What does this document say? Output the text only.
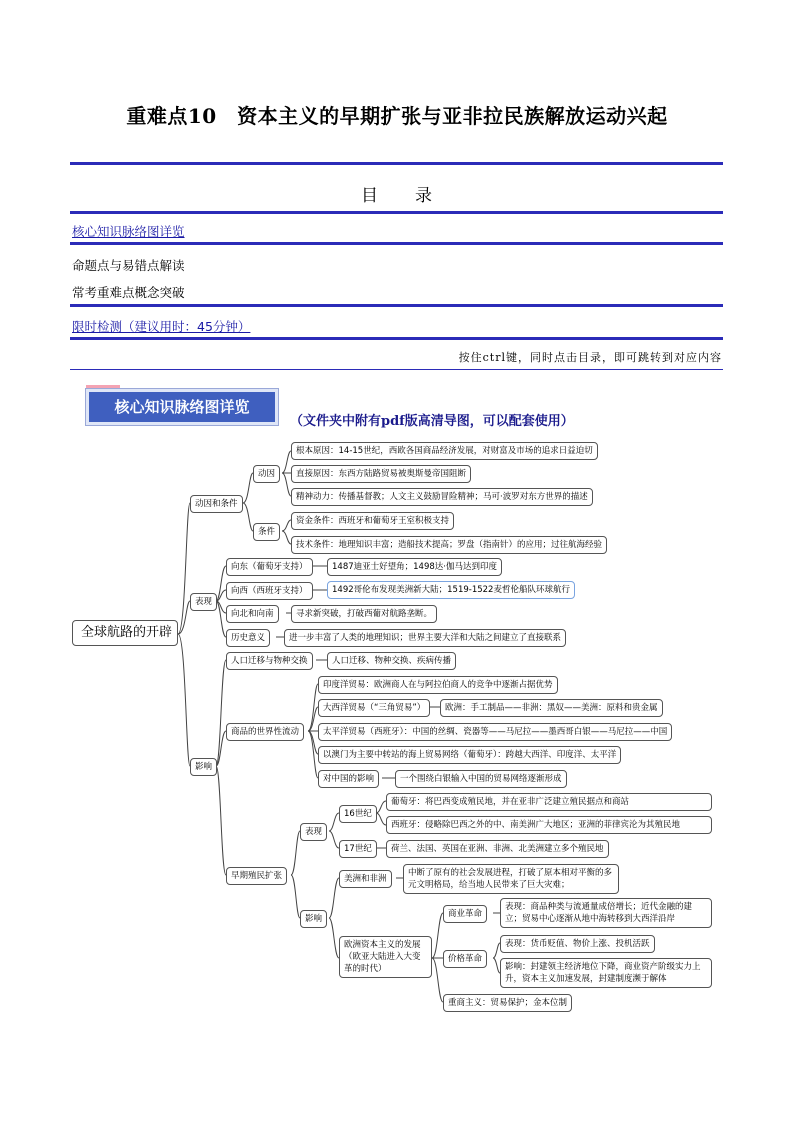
重难点10　资本主义的早期扩张与亚非拉民族解放运动兴起
目　　录
核心知识脉络图详览
命题点与易错点解读
常考重难点概念突破
限时检测（建议用时：45分钟）
按住ctrl键，同时点击目录，即可跳转到对应内容
核心知识脉络图详览
（文件夹中附有pdf版高清导图，可以配套使用）
全球航路的开辟
动因和条件
动因
根本原因：14-15世纪，西欧各国商品经济发展，对财富及市场的追求日益迫切
直接原因：东西方陆路贸易被奥斯曼帝国阻断
精神动力：传播基督教；人文主义鼓励冒险精神；马可·波罗对东方世界的描述
条件
资金条件：西班牙和葡萄牙王室积极支持
技术条件：地理知识丰富；造船技术提高；罗盘（指南针）的应用；过往航海经验
表现
向东（葡萄牙支持）	1487迪亚士好望角；1498达·伽马达到印度
向西（西班牙支持）	1492哥伦布发现美洲新大陆；1519-1522麦哲伦船队环球航行
向北和向南	寻求新突破，打破西葡对航路垄断。
历史意义	进一步丰富了人类的地理知识；世界主要大洋和大陆之间建立了直接联系
影响
人口迁移与物种交换	人口迁移、物种交换、疾病传播
商品的世界性流动
印度洋贸易：欧洲商人在与阿拉伯商人的竞争中逐渐占据优势
大西洋贸易（“三角贸易”）	欧洲：手工制品——非洲：黑奴——美洲：原料和贵金属
太平洋贸易（西班牙）：中国的丝绸、瓷器等——马尼拉——墨西哥白银——马尼拉——中国
以澳门为主要中转站的海上贸易网络（葡萄牙）：跨越大西洋、印度洋、太平洋
对中国的影响	一个围绕白银输入中国的贸易网络逐渐形成
早期殖民扩张
表现
16世纪
葡萄牙：将巴西变成殖民地，并在亚非广泛建立殖民据点和商站
西班牙：侵略除巴西之外的中、南美洲广大地区；亚洲的菲律宾沦为其殖民地
17世纪	荷兰、法国、英国在亚洲、非洲、北美洲建立多个殖民地
影响
美洲和非洲
中断了原有的社会发展进程，打破了原本相对平衡的多元文明格局，给当地人民带来了巨大灾难；
欧洲资本主义的发展（欧亚大陆进入大变革的时代）
商业革命
表现：商品种类与流通量成倍增长；近代金融的建立；贸易中心逐渐从地中海转移到大西洋沿岸
价格革命
表现：货币贬值、物价上涨、投机活跃
影响：封建领主经济地位下降，商业资产阶级实力上升，资本主义加速发展，封建制度濒于解体
重商主义：贸易保护；金本位制
